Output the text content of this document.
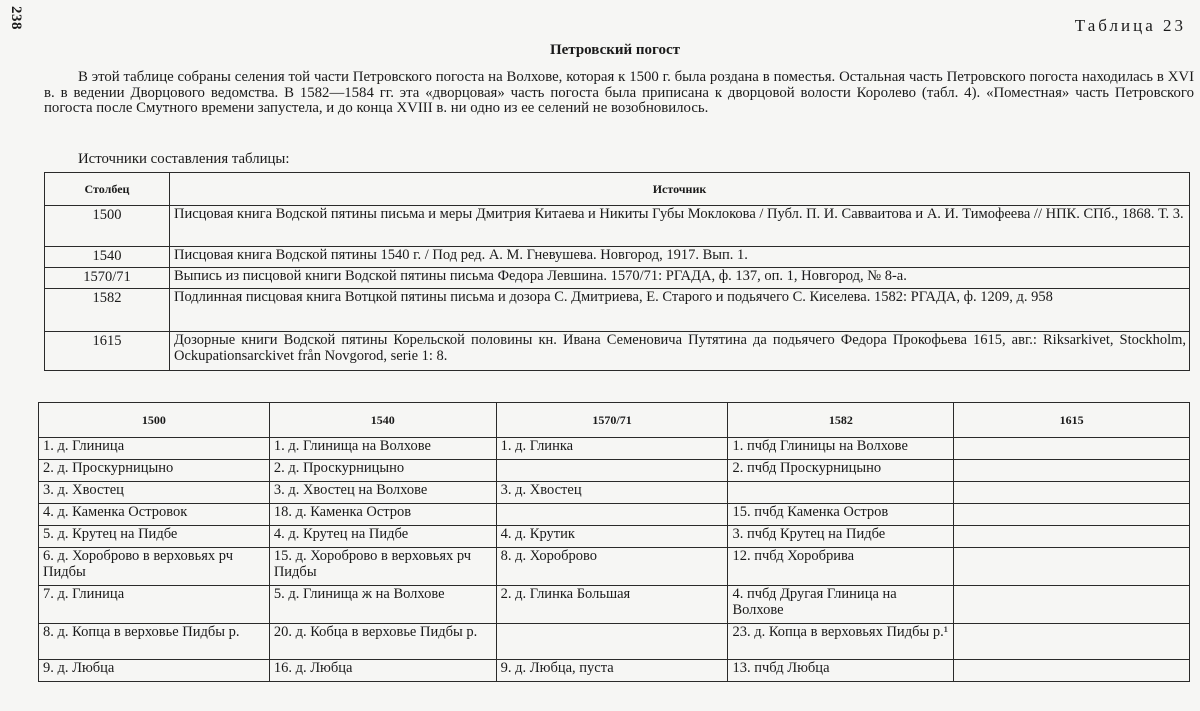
238	Таблица 23
Петровский погост
В этой таблице собраны селения той части Петровского погоста на Волхове, которая к 1500 г. была роздана в поместья. Остальная часть Петровского погоста находилась в XVI в. в ведении Дворцового ведомства. В 1582—1584 гг. эта «дворцовая» часть погоста была приписана к дворцовой волости Королево (табл. 4). «Поместная» часть Петровского погоста после Смутного времени запустела, и до конца XVIII в. ни одно из ее селений не возобновилось.
Источники составления таблицы:
Столбец	Источник
1500	Писцовая книга Водской пятины письма и меры Дмитрия Китаева и Никиты Губы Моклокова / Публ. П. И. Савваитова и А. И. Тимофеева // НПК. СПб., 1868. Т. 3.
1540	Писцовая книга Водской пятины 1540 г. / Под ред. А. М. Гневушева. Новгород, 1917. Вып. 1.
1570/71	Выпись из писцовой книги Водской пятины письма Федора Левшина. 1570/71: РГАДА, ф. 137, оп. 1, Новгород, № 8-а.
1582	Подлинная писцовая книга Вотцкой пятины письма и дозора С. Дмитриева, Е. Старого и подьячего С. Киселева. 1582: РГАДА, ф. 1209, д. 958
1615	Дозорные книги Водской пятины Корельской половины кн. Ивана Семеновича Путятина да подьячего Федора Прокофьева 1615, авг.: Riksarkivet, Stockholm, Ockupationsarckivet från Novgorod, serie 1: 8.
1500	1540	1570/71	1582	1615
1. д. Глиница	1. д. Глинища на Волхове	1. д. Глинка	1. пчбд Глиницы на Волхове	
2. д. Проскурницыно	2. д. Проскурницыно		2. пчбд Проскурницыно	
3. д. Хвостец	3. д. Хвостец на Волхове	3. д. Хвостец		
4. д. Каменка Островок	18. д. Каменка Остров		15. пчбд Каменка Остров	
5. д. Крутец на Пидбе	4. д. Крутец на Пидбе	4. д. Крутик	3. пчбд Крутец на Пидбе	
6. д. Хороброво в верховьях рч Пидбы	15. д. Хороброво в верховьях рч Пидбы	8. д. Хороброво	12. пчбд Хоробрива	
7. д. Глиница	5. д. Глинища ж на Волхове	2. д. Глинка Большая	4. пчбд Другая Глиница на Волхове	
8. д. Копца в верховье Пидбы р.	20. д. Кобца в верховье Пидбы р.		23. д. Копца в верховьях Пидбы р.¹	
9. д. Любца	16. д. Любца	9. д. Любца, пуста	13. пчбд Любца	
